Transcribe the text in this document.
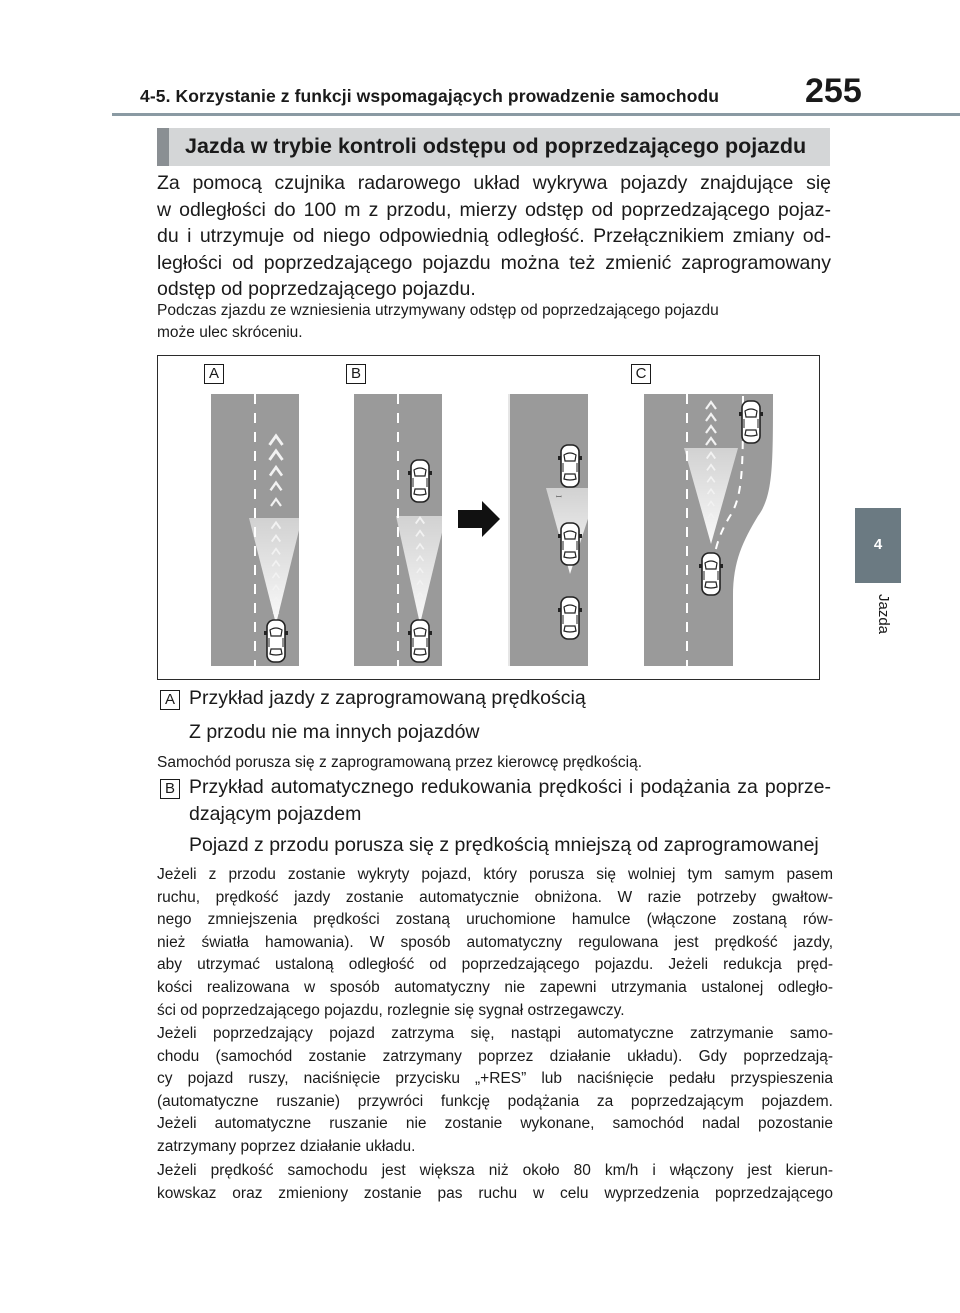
4-5. Korzystanie z funkcji wspomagających prowadzenie samochodu	255
Jazda w trybie kontroli odstępu od poprzedzającego pojazdu
4
Jazda

Za pomocą czujnika radarowego układ wykrywa pojazdy znajdujące się
w odległości do 100 m z przodu, mierzy odstęp od poprzedzającego pojaz-
du i utrzymuje od niego odpowiednią odległość. Przełącznikiem zmiany od-
ległości od poprzedzającego pojazdu można też zmienić zaprogramowany
odstęp od poprzedzającego pojazdu.

Podczas zjazdu ze wzniesienia utrzymywany odstęp od poprzedzającego pojazdu
może ulec skróceniu.

ꟷ
A	B	C
A Przykład jazdy z zaprogramowaną prędkością

Z przodu nie ma innych pojazdów

Samochód porusza się z zaprogramowaną przez kierowcę prędkością.

B Przykład automatycznego redukowania prędkości i podążania za poprze-
dzającym pojazdem

Pojazd z przodu porusza się z prędkością mniejszą od zaprogramowanej

Jeżeli z przodu zostanie wykryty pojazd, który porusza się wolniej tym samym pasem
ruchu, prędkość jazdy zostanie automatycznie obniżona. W razie potrzeby gwałtow-
nego zmniejszenia prędkości zostaną uruchomione hamulce (włączone zostaną rów-
nież światła hamowania). W sposób automatyczny regulowana jest prędkość jazdy,
aby utrzymać ustaloną odległość od poprzedzającego pojazdu. Jeżeli redukcja pręd-
kości realizowana w sposób automatyczny nie zapewni utrzymania ustalonej odległo-
ści od poprzedzającego pojazdu, rozlegnie się sygnał ostrzegawczy.

Jeżeli poprzedzający pojazd zatrzyma się, nastąpi automatyczne zatrzymanie samo-
chodu (samochód zostanie zatrzymany poprzez działanie układu). Gdy poprzedzają-
cy pojazd ruszy, naciśnięcie przycisku „+RES” lub naciśnięcie pedału przyspieszenia
(automatyczne ruszanie) przywróci funkcję podążania za poprzedzającym pojazdem.
Jeżeli automatyczne ruszanie nie zostanie wykonane, samochód nadal pozostanie
zatrzymany poprzez działanie układu.

Jeżeli prędkość samochodu jest większa niż około 80 km/h i włączony jest kierun-
kowskaz oraz zmieniony zostanie pas ruchu w celu wyprzedzenia poprzedzającego
